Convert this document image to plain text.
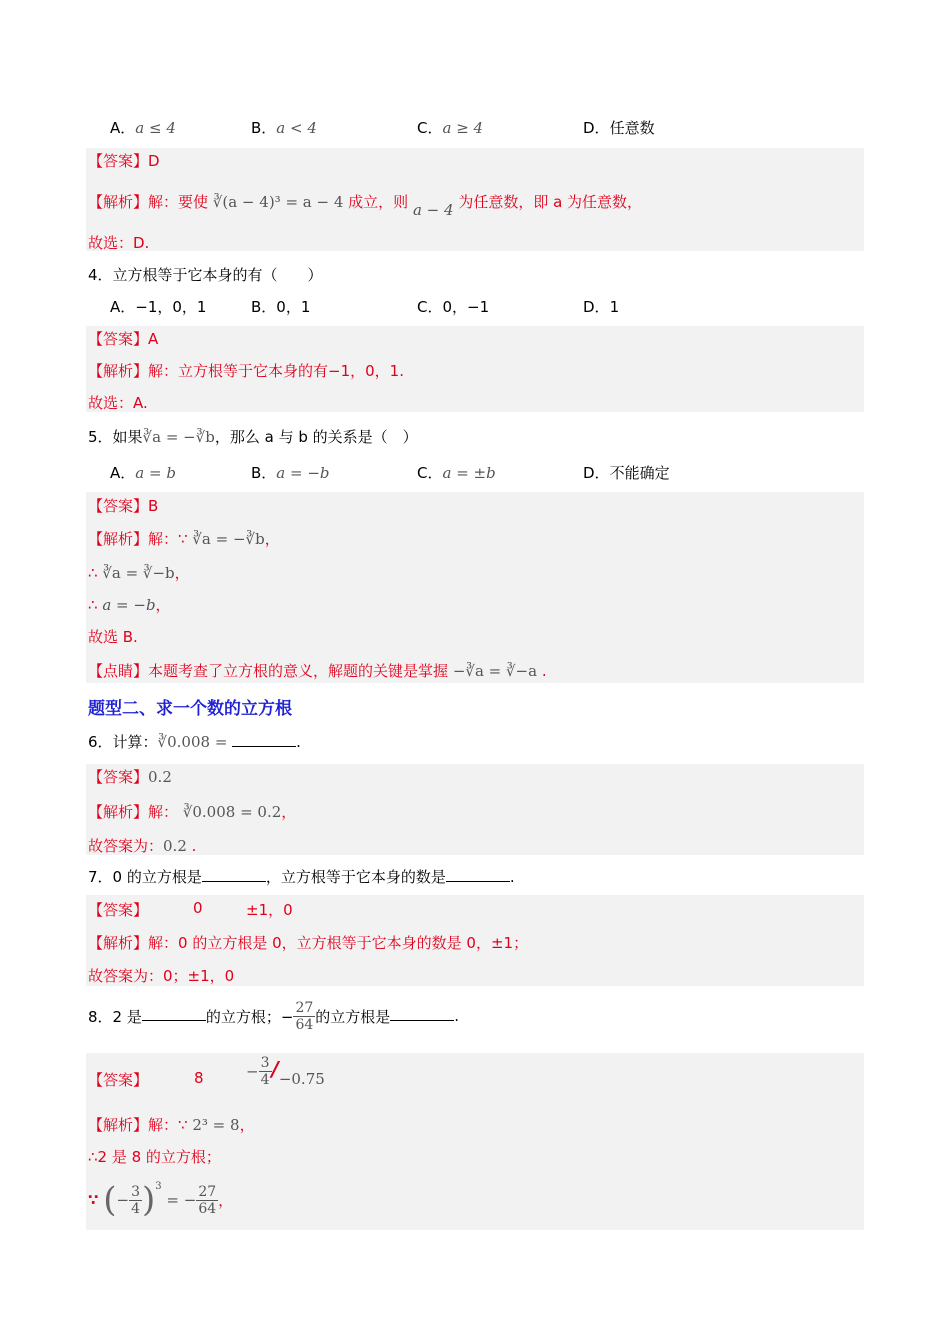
A．a ≤ 4	B．a < 4	C．a ≥ 4	D．任意数
【答案】D
【解析】解：要使 ∛(a − 4)³ = a − 4 成立，则 a − 4 为任意数，即 a 为任意数，
故选：D.
4．立方根等于它本身的有（　　）
A．−1，0，1	B．0，1	C．0，−1	D．1
【答案】A
【解析】解：立方根等于它本身的有−1，0，1.
故选：A.
5．如果∛a = −∛b，那么 a 与 b 的关系是（　）
A．a = b	B．a = −b	C．a = ±b	D．不能确定
【答案】B
【解析】解：∵ ∛a = −∛b，
∴ ∛a = ∛−b，
∴ a = −b，
故选 B.
【点睛】本题考查了立方根的意义，解题的关键是掌握 −∛a = ∛−a .
题型二、求一个数的立方根
6．计算：∛0.008 =	.
【答案】0.2
【解析】解： ∛0.008 = 0.2，
故答案为：0.2 .
7．0 的立方根是	，立方根等于它本身的数是	.
【答案】	0	±1，0
【解析】解：0 的立方根是 0，立方根等于它本身的数是 0，±1；
故答案为：0；±1，0
8．2 是	的立方根；− $\frac{27}{64}$ 的立方根是	.
【答案】	8	− $\frac{3}{4} /-0.75$
【解析】解：∵ 2³ = 8，
∴2 是 8 的立方根；
∵ (− $\frac{3}{4} )^3$ = − $\frac{27}{64}$ ，
